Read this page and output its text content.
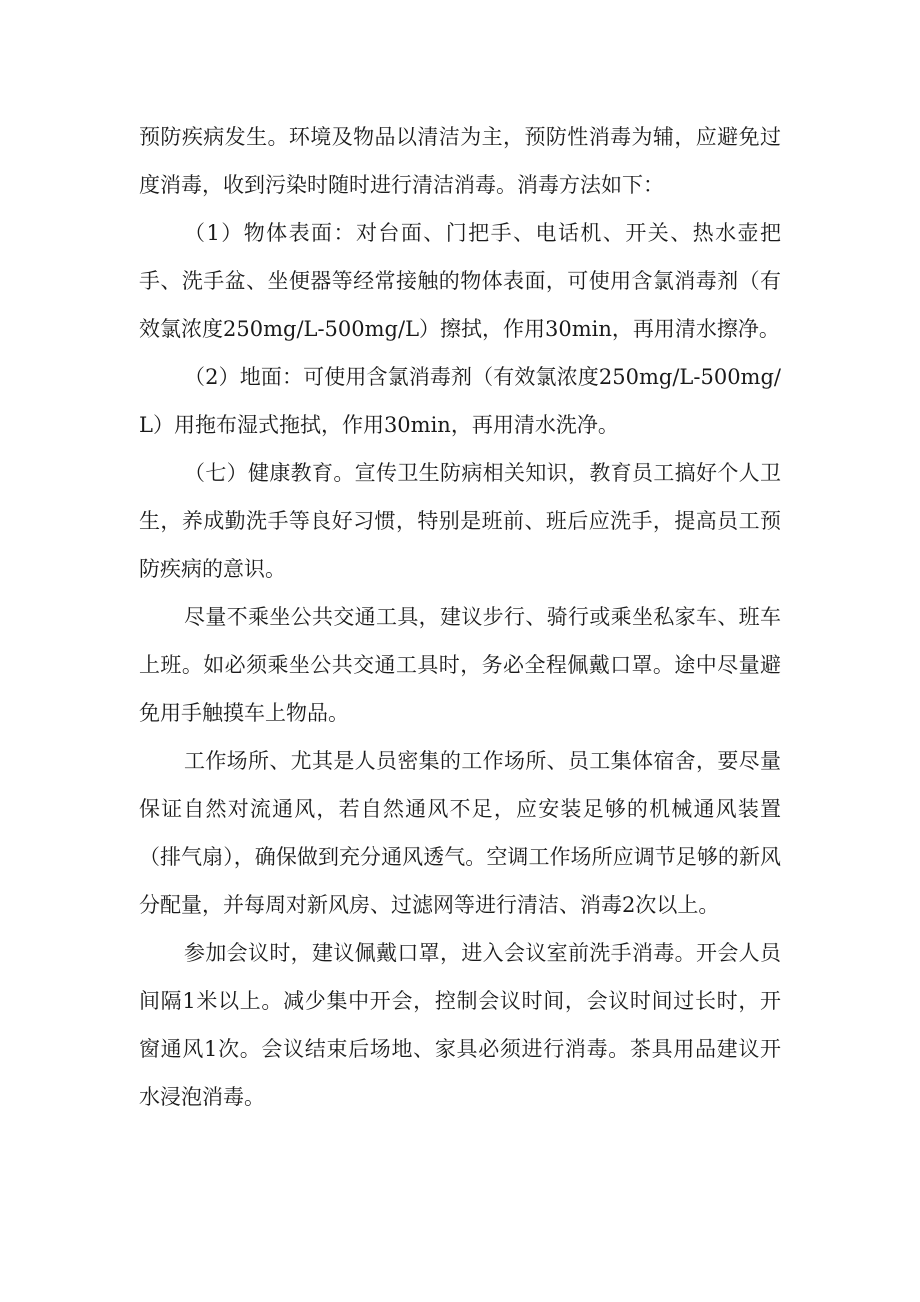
预防疾病发生。环境及物品以清洁为主，预防性消毒为辅，应避免过度消毒，收到污染时随时进行清洁消毒。消毒方法如下：

（1）物体表面：对台面、门把手、电话机、开关、热水壶把手、洗手盆、坐便器等经常接触的物体表面，可使用含氯消毒剂（有效氯浓度250mg/L-500mg/L）擦拭，作用30min，再用清水擦净。

（2）地面：可使用含氯消毒剂（有效氯浓度250mg/L-500mg/L）用拖布湿式拖拭，作用30min，再用清水洗净。

（七）健康教育。宣传卫生防病相关知识，教育员工搞好个人卫生，养成勤洗手等良好习惯，特别是班前、班后应洗手，提高员工预防疾病的意识。

尽量不乘坐公共交通工具，建议步行、骑行或乘坐私家车、班车上班。如必须乘坐公共交通工具时，务必全程佩戴口罩。途中尽量避免用手触摸车上物品。

工作场所、尤其是人员密集的工作场所、员工集体宿舍，要尽量保证自然对流通风，若自然通风不足，应安装足够的机械通风装置（排气扇），确保做到充分通风透气。空调工作场所应调节足够的新风分配量，并每周对新风房、过滤网等进行清洁、消毒2次以上。

参加会议时，建议佩戴口罩，进入会议室前洗手消毒。开会人员间隔1米以上。减少集中开会，控制会议时间，会议时间过长时，开窗通风1次。会议结束后场地、家具必须进行消毒。茶具用品建议开水浸泡消毒。
